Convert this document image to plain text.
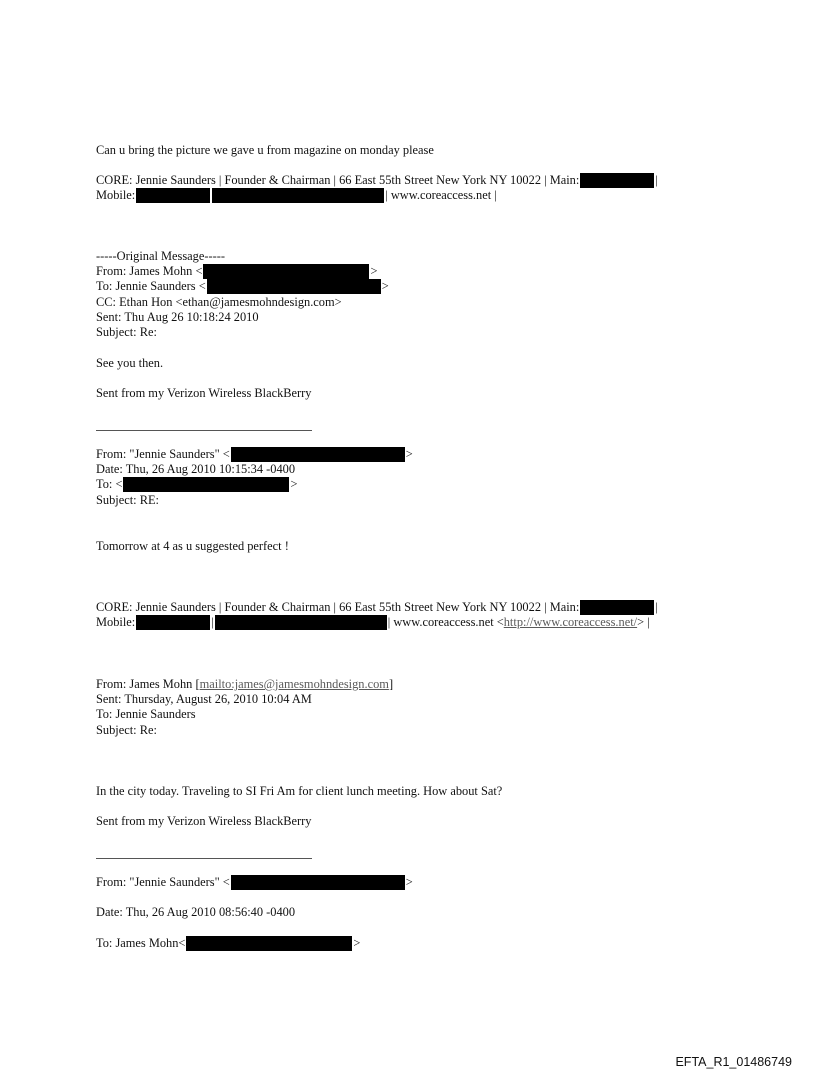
Can u bring the picture we gave u from magazine on monday please
CORE: Jennie Saunders | Founder & Chairman | 66 East 55th Street New York NY 10022 | Main:	|
Mobile:	| www.coreaccess.net |
-----Original Message-----
From: James Mohn <	>
To: Jennie Saunders <	>
CC: Ethan Hon <ethan@jamesmohndesign.com>
Sent: Thu Aug 26 10:18:24 2010
Subject: Re:
See you then.
Sent from my Verizon Wireless BlackBerry
From: "Jennie Saunders" <	>
Date: Thu, 26 Aug 2010 10:15:34 -0400
To: <	>
Subject: RE:
Tomorrow at 4 as u suggested perfect !
CORE: Jennie Saunders | Founder & Chairman | 66 East 55th Street New York NY 10022 | Main:	|
Mobile:	|	| www.coreaccess.net <http://www.coreaccess.net/> |
From: James Mohn [mailto:james@jamesmohndesign.com]
Sent: Thursday, August 26, 2010 10:04 AM
To: Jennie Saunders
Subject: Re:
In the city today. Traveling to SI Fri Am for client lunch meeting. How about Sat?
Sent from my Verizon Wireless BlackBerry
From: "Jennie Saunders" <	>
Date: Thu, 26 Aug 2010 08:56:40 -0400
To: James Mohn<	>
EFTA_R1_01486749
